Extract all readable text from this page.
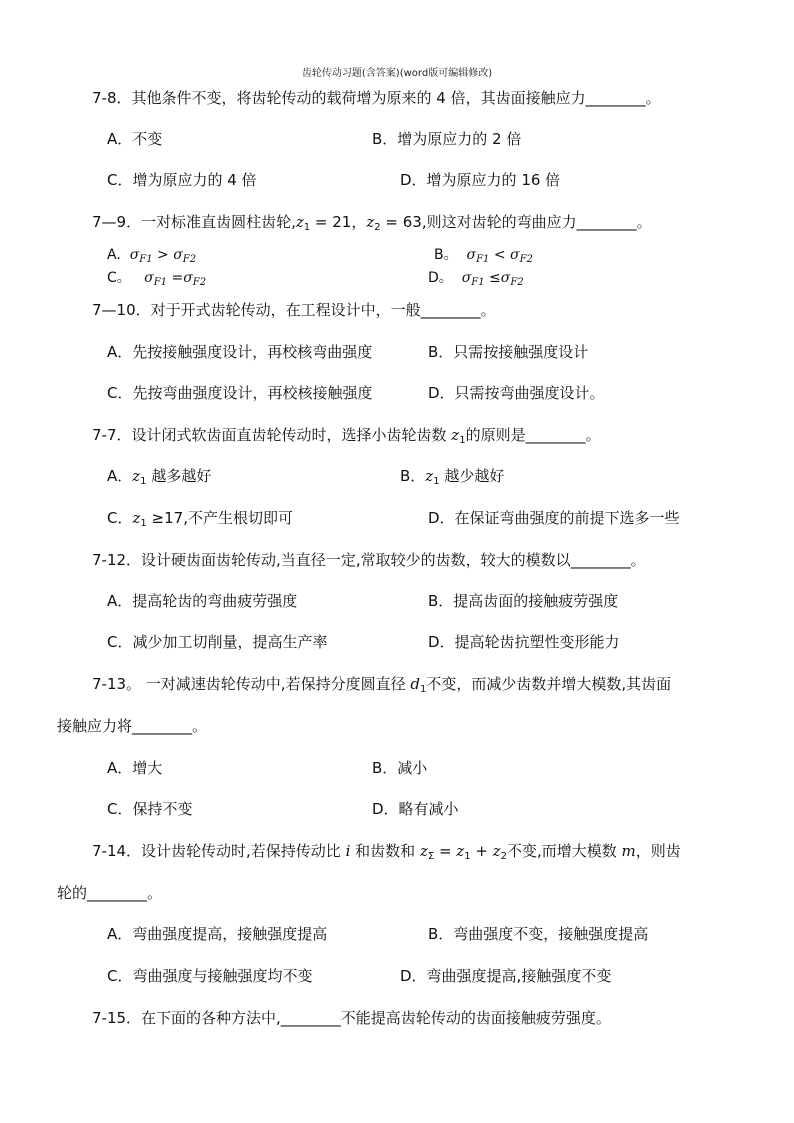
齿轮传动习题(含答案)(word版可编辑修改)
7-8．其他条件不变，将齿轮传动的载荷增为原来的 4 倍，其齿面接触应力________。
A．不变	B．增为原应力的 2 倍
C．增为原应力的 4 倍	D．增为原应力的 16 倍
7—9．一对标准直齿圆柱齿轮$,z_1 = 21$，$z_2 = 63$,则这对齿轮的弯曲应力________。
A. $\sigma_{F1} > \sigma_{F2}$	B。 $\sigma_{F1} < \sigma_{F2}$
C。 $\sigma_{F1} =\sigma_{F2}$	D。 $\sigma_{F1} \le\sigma_{F2}$
7—10．对于开式齿轮传动，在工程设计中，一般________。
A．先按接触强度设计，再校核弯曲强度	B．只需按接触强度设计
C．先按弯曲强度设计，再校核接触强度	D．只需按弯曲强度设计。
7-7．设计闭式软齿面直齿轮传动时，选择小齿轮齿数 $z_1$的原则是________。
A．$z_1$ 越多越好	B．$z_1$ 越少越好
C．$z_1 \ge 17$,不产生根切即可	D．在保证弯曲强度的前提下选多一些
7-12．设计硬齿面齿轮传动,当直径一定,常取较少的齿数，较大的模数以________。
A．提高轮齿的弯曲疲劳强度	B．提高齿面的接触疲劳强度
C．减少加工切削量，提高生产率	D．提高轮齿抗塑性变形能力
7-13。 一对减速齿轮传动中,若保持分度圆直径 $d_1$不变，而减少齿数并增大模数,其齿面
接触应力将________。
A．增大	B．减小
C．保持不变	D．略有减小
7-14．设计齿轮传动时,若保持传动比 i 和齿数和 $z_\Sigma = z_1 + z_2$不变,而增大模数 m，则齿
轮的________。
A．弯曲强度提高，接触强度提高	B．弯曲强度不变，接触强度提高
C．弯曲强度与接触强度均不变	D．弯曲强度提高,接触强度不变
7-15．在下面的各种方法中,________不能提高齿轮传动的齿面接触疲劳强度。
